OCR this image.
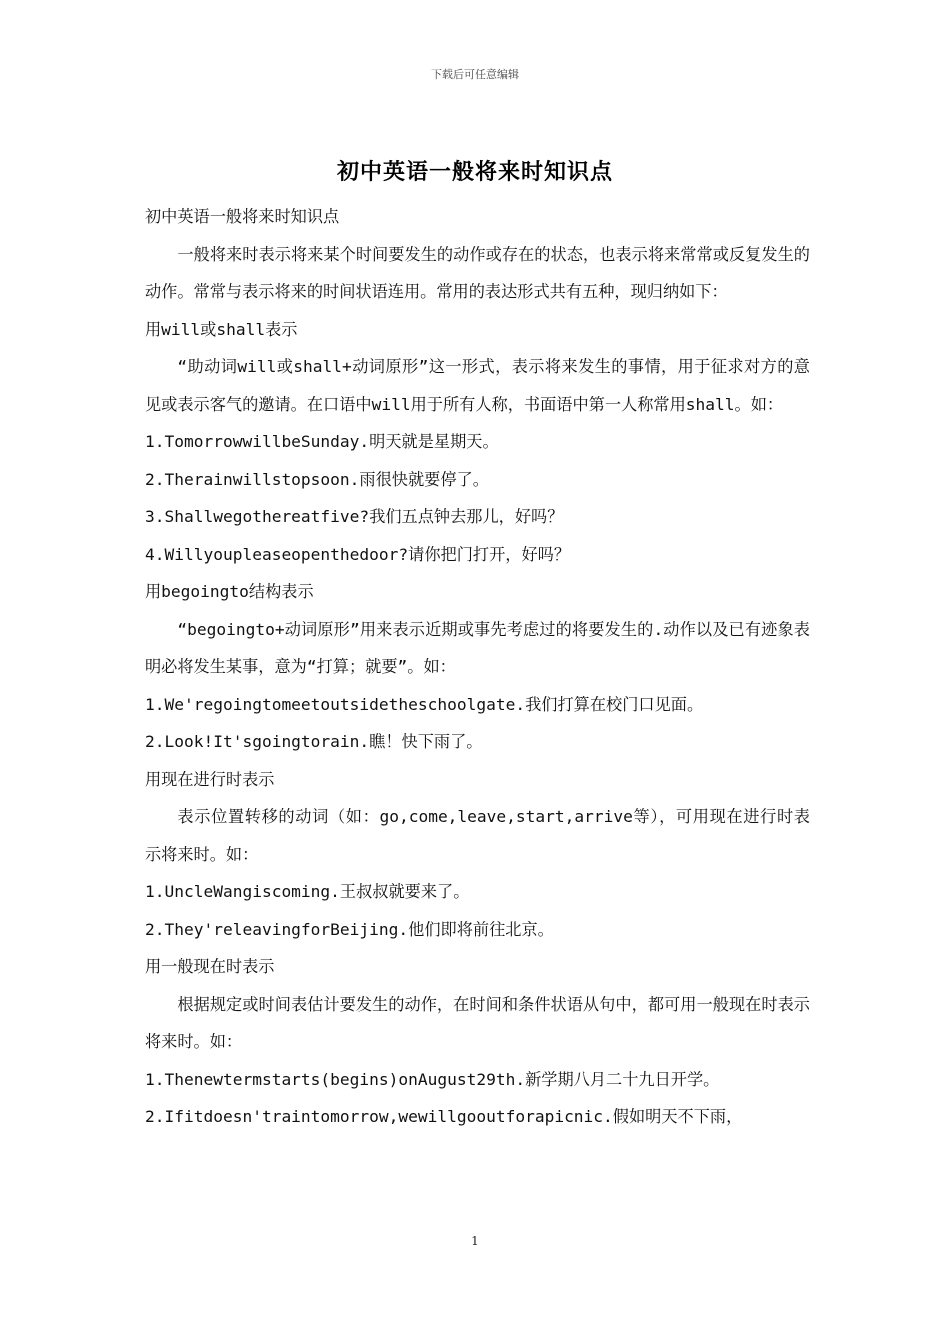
下载后可任意编辑
初中英语一般将来时知识点

初中英语一般将来时知识点

一般将来时表示将来某个时间要发生的动作或存在的状态，也表示将来常常或反复发生的动作。常常与表示将来的时间状语连用。常用的表达形式共有五种，现归纳如下：

用will或shall表示

“助动词will或shall+动词原形”这一形式，表示将来发生的事情，用于征求对方的意见或表示客气的邀请。在口语中will用于所有人称，书面语中第一人称常用shall。如：

1.TomorrowwillbeSunday.明天就是星期天。

2.Therainwillstopsoon.雨很快就要停了。

3.Shallwegothereatfive?我们五点钟去那儿，好吗？

4.Willyoupleaseopenthedoor?请你把门打开，好吗？

用begoingto结构表示

“begoingto+动词原形”用来表示近期或事先考虑过的将要发生的.动作以及已有迹象表明必将发生某事，意为“打算；就要”。如：

1.We'regoingtomeetoutsidetheschoolgate.我们打算在校门口见面。

2.Look!It'sgoingtorain.瞧！快下雨了。

用现在进行时表示

表示位置转移的动词（如：go,come,leave,start,arrive等），可用现在进行时表示将来时。如：

1.UncleWangiscoming.王叔叔就要来了。

2.They'releavingforBeijing.他们即将前往北京。

用一般现在时表示

根据规定或时间表估计要发生的动作，在时间和条件状语从句中，都可用一般现在时表示将来时。如：

1.Thenewtermstarts(begins)onAugust29th.新学期八月二十九日开学。

2.Ifitdoesn'traintomorrow,wewillgooutforapicnic.假如明天不下雨，

1
